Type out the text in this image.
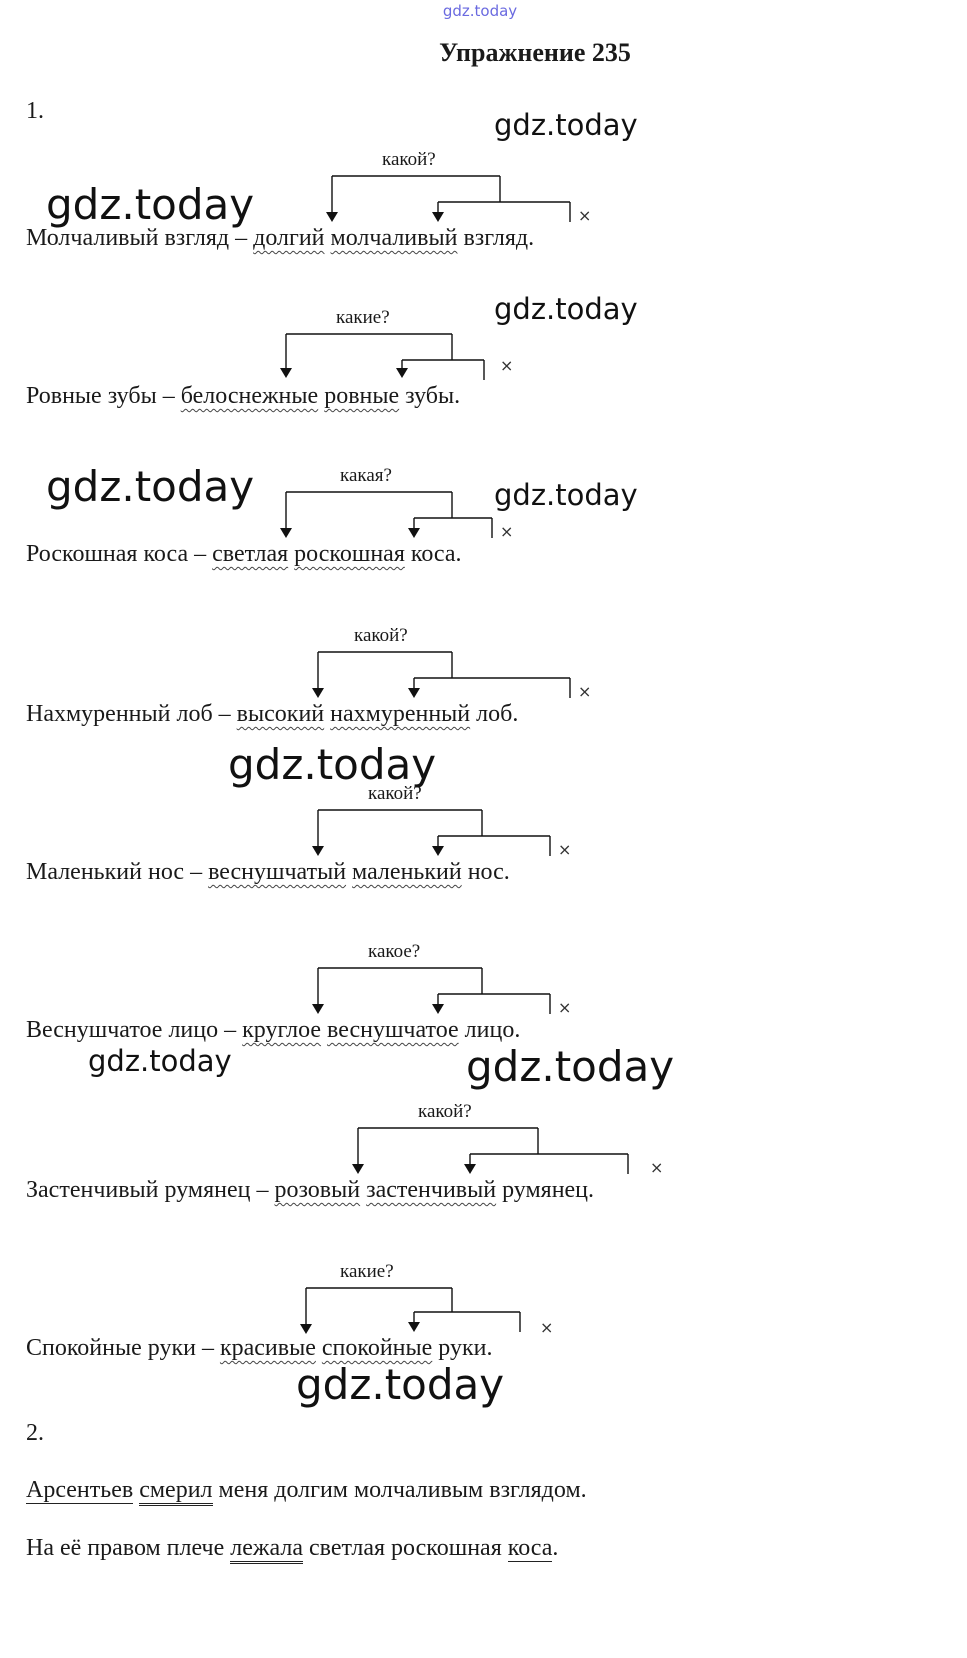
gdz.today
Упражнение 235
1.	gdz.today
gdz.today
gdz.today
gdz.today	gdz.today
gdz.today
gdz.today	gdz.today
gdz.today
какой?
какие?
какая?
какой?
какой?
какое?
какой?
какие?
×
×
×
×
×
×
×
×
Молчаливый взгляд – долгий молчаливый взгляд.
Ровные зубы – белоснежные ровные зубы.
Роскошная коса – светлая роскошная коса.
Нахмуренный лоб – высокий нахмуренный лоб.
Маленький нос – веснушчатый маленький нос.
Веснушчатое лицо – круглое веснушчатое лицо.
Застенчивый румянец – розовый застенчивый румянец.
Спокойные руки – красивые спокойные руки.
2.
Арсентьев смерил меня долгим молчаливым взглядом.
На её правом плече лежала светлая роскошная коса.
